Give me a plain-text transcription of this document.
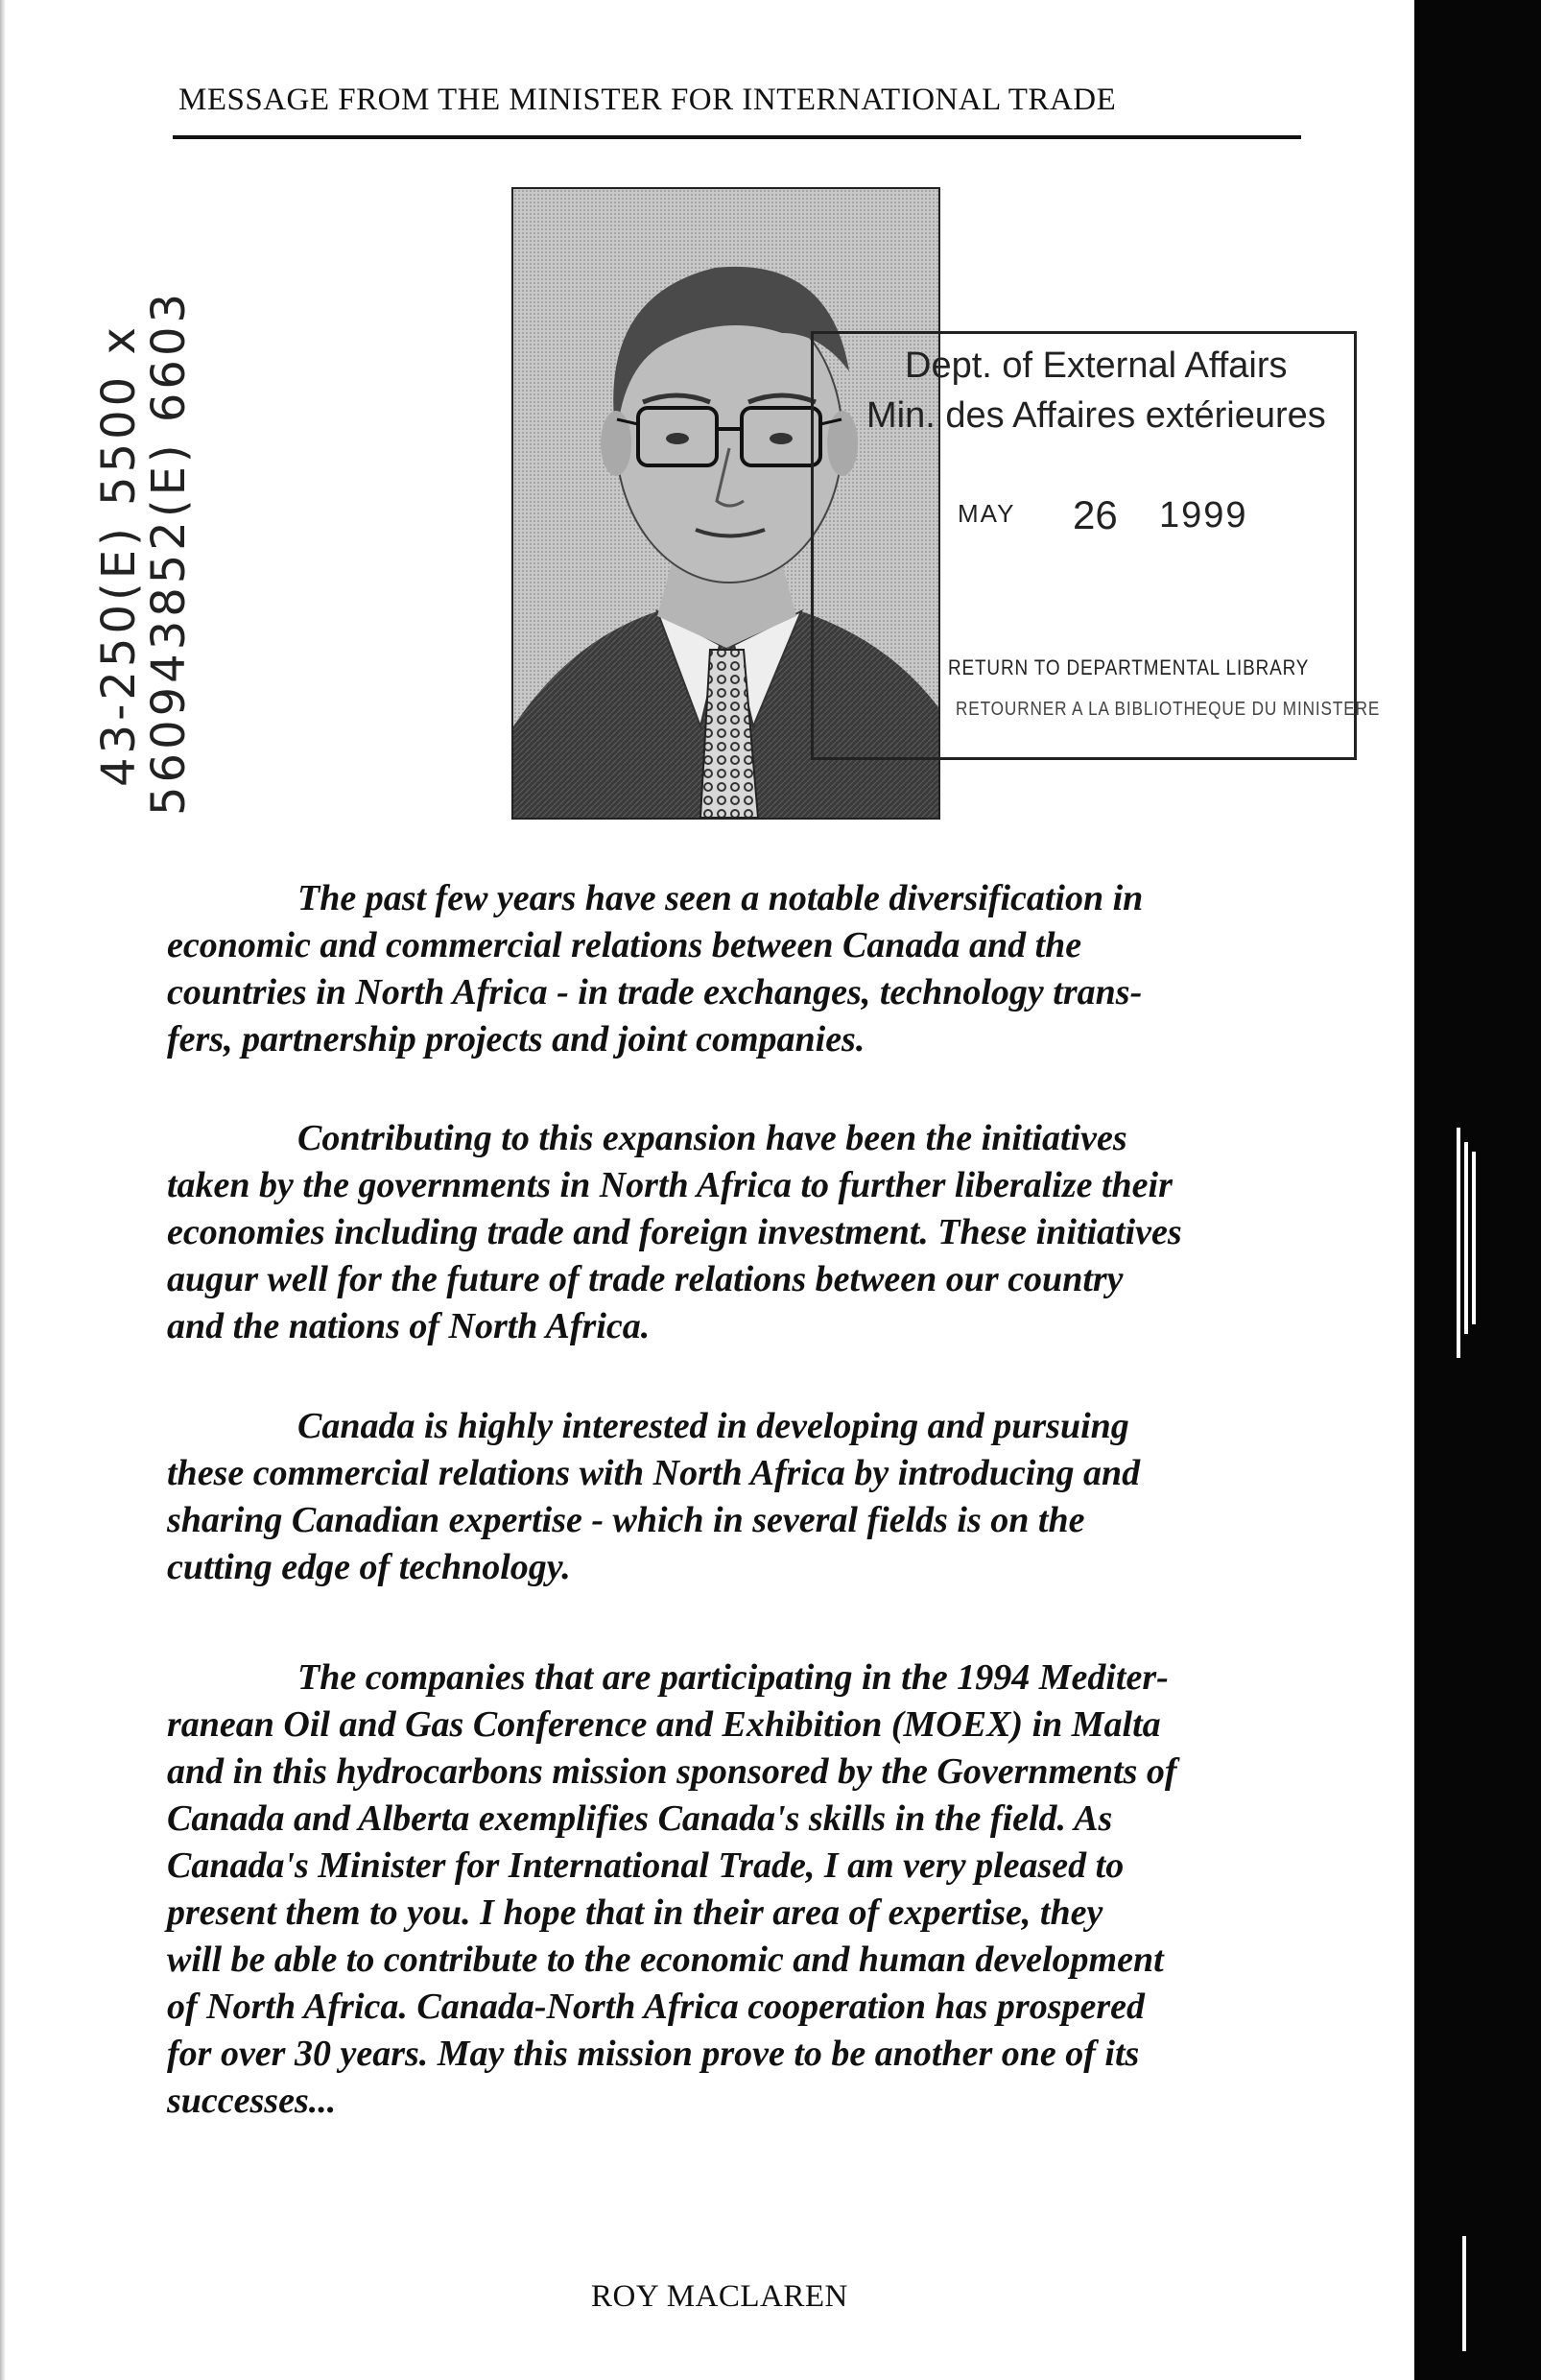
MESSAGE FROM THE MINISTER FOR INTERNATIONAL TRADE
560943852(E) 6603
43-250(E) 5500 x	Dept. of External Affairs
Min. des Affaires extérieures
MAY 26 1999
RETURN TO DEPARTMENTAL LIBRARY
RETOURNER A LA BIBLIOTHEQUE DU MINISTERE
The past few years have seen a notable diversification in
economic and commercial relations between Canada and the
countries in North Africa - in trade exchanges, technology trans-
fers, partnership projects and joint companies.
Contributing to this expansion have been the initiatives
taken by the governments in North Africa to further liberalize their
economies including trade and foreign investment. These initiatives
augur well for the future of trade relations between our country
and the nations of North Africa.
Canada is highly interested in developing and pursuing
these commercial relations with North Africa by introducing and
sharing Canadian expertise - which in several fields is on the
cutting edge of technology.
The companies that are participating in the 1994 Mediter-
ranean Oil and Gas Conference and Exhibition (MOEX) in Malta
and in this hydrocarbons mission sponsored by the Governments of
Canada and Alberta exemplifies Canada's skills in the field. As
Canada's Minister for International Trade, I am very pleased to
present them to you. I hope that in their area of expertise, they
will be able to contribute to the economic and human development
of North Africa. Canada-North Africa cooperation has prospered
for over 30 years. May this mission prove to be another one of its
successes...
ROY MACLAREN
